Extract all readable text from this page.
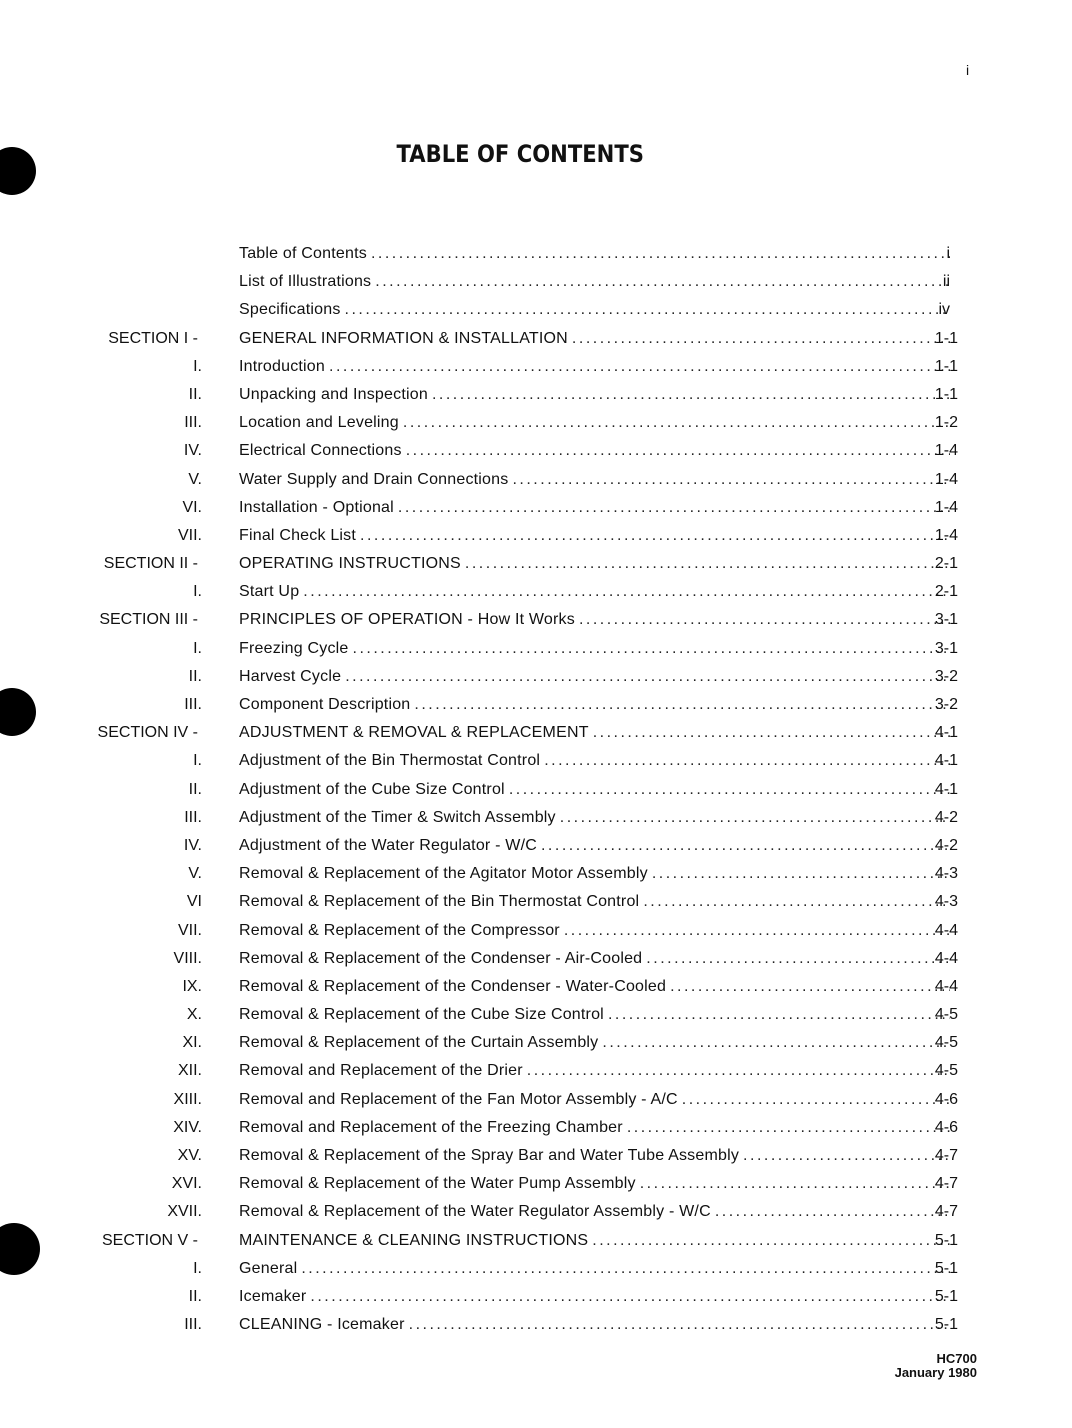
i
TABLE OF CONTENTS
Table of Contents .....	i
List of Illustrations .....	ii
Specifications .....	iv
SECTION I -	GENERAL INFORMATION & INSTALLATION .....	1-1
I. Introduction .....	1-1
II. Unpacking and Inspection .....	1-1
III. Location and Leveling .....	1-2
IV. Electrical Connections .....	1-4
V. Water Supply and Drain Connections .....	1-4
VI. Installation - Optional .....	1-4
VII. Final Check List .....	1-4
SECTION II -	OPERATING INSTRUCTIONS .....	2-1
I. Start Up .....	2-1
SECTION III -	PRINCIPLES OF OPERATION - How It Works .....	3-1
I. Freezing Cycle .....	3-1
II. Harvest Cycle .....	3-2
III. Component Description .....	3-2
SECTION IV -	ADJUSTMENT & REMOVAL & REPLACEMENT .....	4-1
I. Adjustment of the Bin Thermostat Control .....	4-1
II. Adjustment of the Cube Size Control .....	4-1
III. Adjustment of the Timer & Switch Assembly .....	4-2
IV. Adjustment of the Water Regulator - W/C .....	4-2
V. Removal & Replacement of the Agitator Motor Assembly .....	4-3
VI Removal & Replacement of the Bin Thermostat Control .....	4-3
VII. Removal & Replacement of the Compressor .....	4-4
VIII. Removal & Replacement of the Condenser - Air-Cooled .....	4-4
IX. Removal & Replacement of the Condenser - Water-Cooled .....	4-4
X. Removal & Replacement of the Cube Size Control .....	4-5
XI. Removal & Replacement of the Curtain Assembly .....	4-5
XII. Removal and Replacement of the Drier .....	4-5
XIII. Removal and Replacement of the Fan Motor Assembly - A/C .....	4-6
XIV. Removal and Replacement of the Freezing Chamber .....	4-6
XV. Removal & Replacement of the Spray Bar and Water Tube Assembly .....	4-7
XVI. Removal & Replacement of the Water Pump Assembly .....	4-7
XVII. Removal & Replacement of the Water Regulator Assembly - W/C .....	4-7
SECTION V -	MAINTENANCE & CLEANING INSTRUCTIONS .....	5-1
I. General .....	5-1
II. Icemaker .....	5-1
III. CLEANING - Icemaker .....	5-1
HC700
January 1980
